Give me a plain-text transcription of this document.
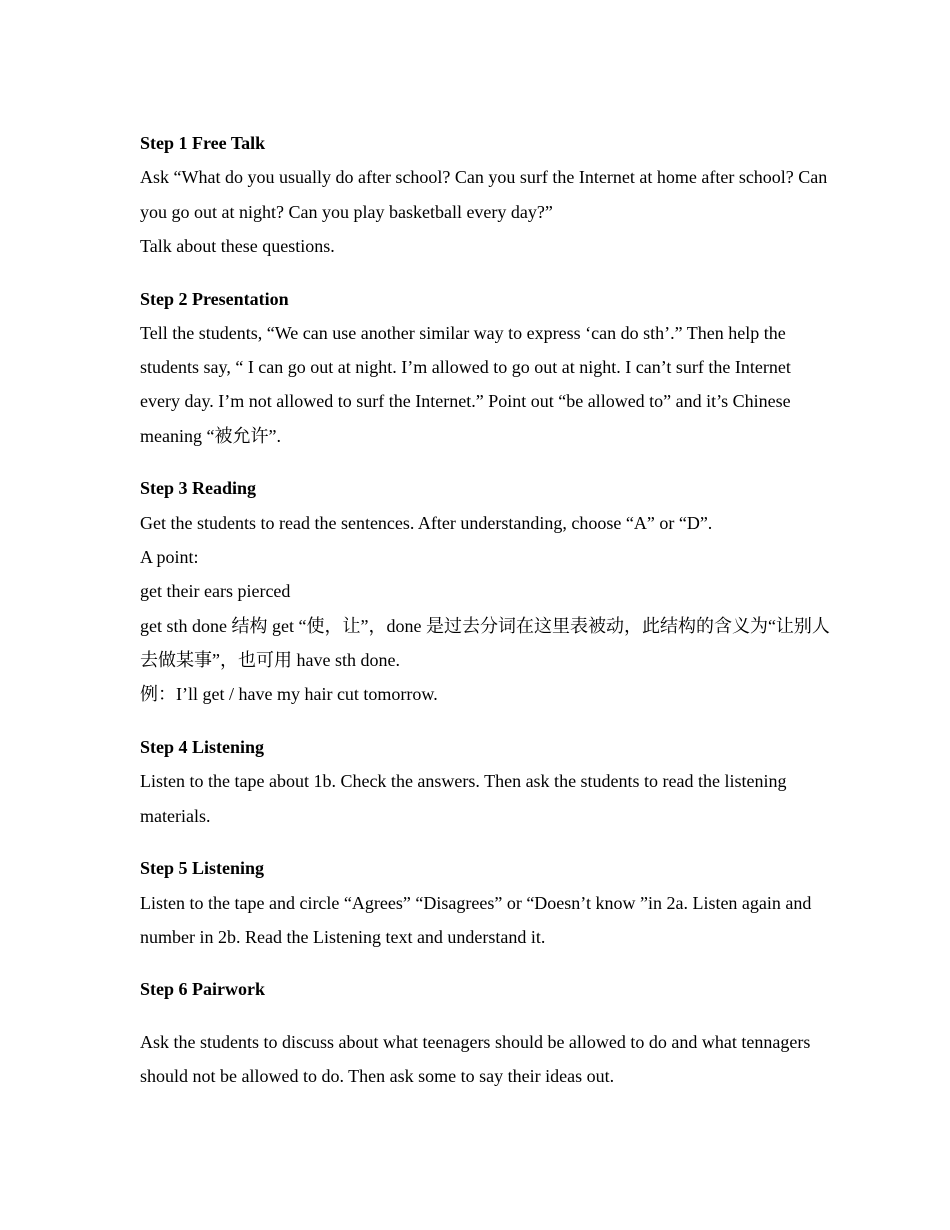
Step 1 Free Talk

Ask “What do you usually do after school? Can you surf the Internet at home after school? Can you go out at night? Can you play basketball every day?”

Talk about these questions.

Step 2 Presentation

Tell the students, “We can use another similar way to express ‘can do sth’.” Then help the students say, “ I can go out at night. I’m allowed to go out at night. I can’t surf the Internet every day. I’m not allowed to surf the Internet.” Point out “be allowed to” and it’s Chinese meaning “被允许”.

Step 3 Reading

Get the students to read the sentences. After understanding, choose “A” or “D”.

A point:

get their ears pierced

get sth done 结构 get “使，让”，done 是过去分词在这里表被动，此结构的含义为“让别人去做某事”，也可用 have sth done.

例：I’ll get / have my hair cut tomorrow.

Step 4 Listening

Listen to the tape about 1b. Check the answers. Then ask the students to read the listening materials.

Step 5 Listening

Listen to the tape and circle “Agrees” “Disagrees” or “Doesn’t know ”in 2a. Listen again and number in 2b. Read the Listening text and understand it.

Step 6 Pairwork

Ask the students to discuss about what teenagers should be allowed to do and what tennagers should not be allowed to do. Then ask some to say their ideas out.
